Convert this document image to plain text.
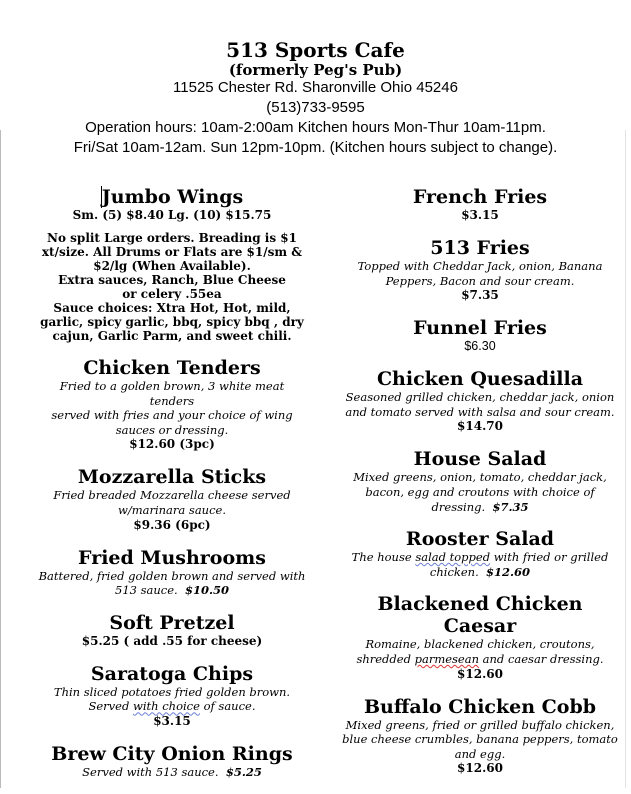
513 Sports Cafe
(formerly Peg's Pub)
11525 Chester Rd. Sharonville Ohio 45246
(513)733-9595
Operation hours: 10am-2:00am Kitchen hours Mon-Thur 10am-11pm.
Fri/Sat 10am-12am. Sun 12pm-10pm. (Kitchen hours subject to change).
Jumbo Wings
Sm. (5) $8.40 Lg. (10) $15.75
No split Large orders. Breading is $1
xt/size. All Drums or Flats are $1/sm &
$2/lg (When Available).
Extra sauces, Ranch, Blue Cheese
or celery .55ea
Sauce choices: Xtra Hot, Hot, mild,
garlic, spicy garlic, bbq, spicy bbq , dry
cajun, Garlic Parm, and sweet chili.
Chicken Tenders
Fried to a golden brown, 3 white meat tenders
served with fries and your choice of wing
sauces or dressing.
$12.60 (3pc)
Mozzarella Sticks
Fried breaded Mozzarella cheese served
w/marinara sauce.
$9.36 (6pc)
Fried Mushrooms
Battered, fried golden brown and served with
513 sauce. $10.50
Soft Pretzel
$5.25 ( add .55 for cheese)
Saratoga Chips
Thin sliced potatoes fried golden brown.
Served with choice of sauce.
$3.15
Brew City Onion Rings
Served with 513 sauce. $5.25
French Fries
$3.15
513 Fries
Topped with Cheddar Jack, onion, Banana
Peppers, Bacon and sour cream.
$7.35
Funnel Fries
$6.30
Chicken Quesadilla
Seasoned grilled chicken, cheddar jack, onion
and tomato served with salsa and sour cream.
$14.70
House Salad
Mixed greens, onion, tomato, cheddar jack,
bacon, egg and croutons with choice of
dressing. $7.35
Rooster Salad
The house salad topped with fried or grilled
chicken. $12.60
Blackened Chicken Caesar
Romaine, blackened chicken, croutons,
shredded parmesean and caesar dressing.
$12.60
Buffalo Chicken Cobb
Mixed greens, fried or grilled buffalo chicken,
blue cheese crumbles, banana peppers, tomato
and egg.
$12.60
